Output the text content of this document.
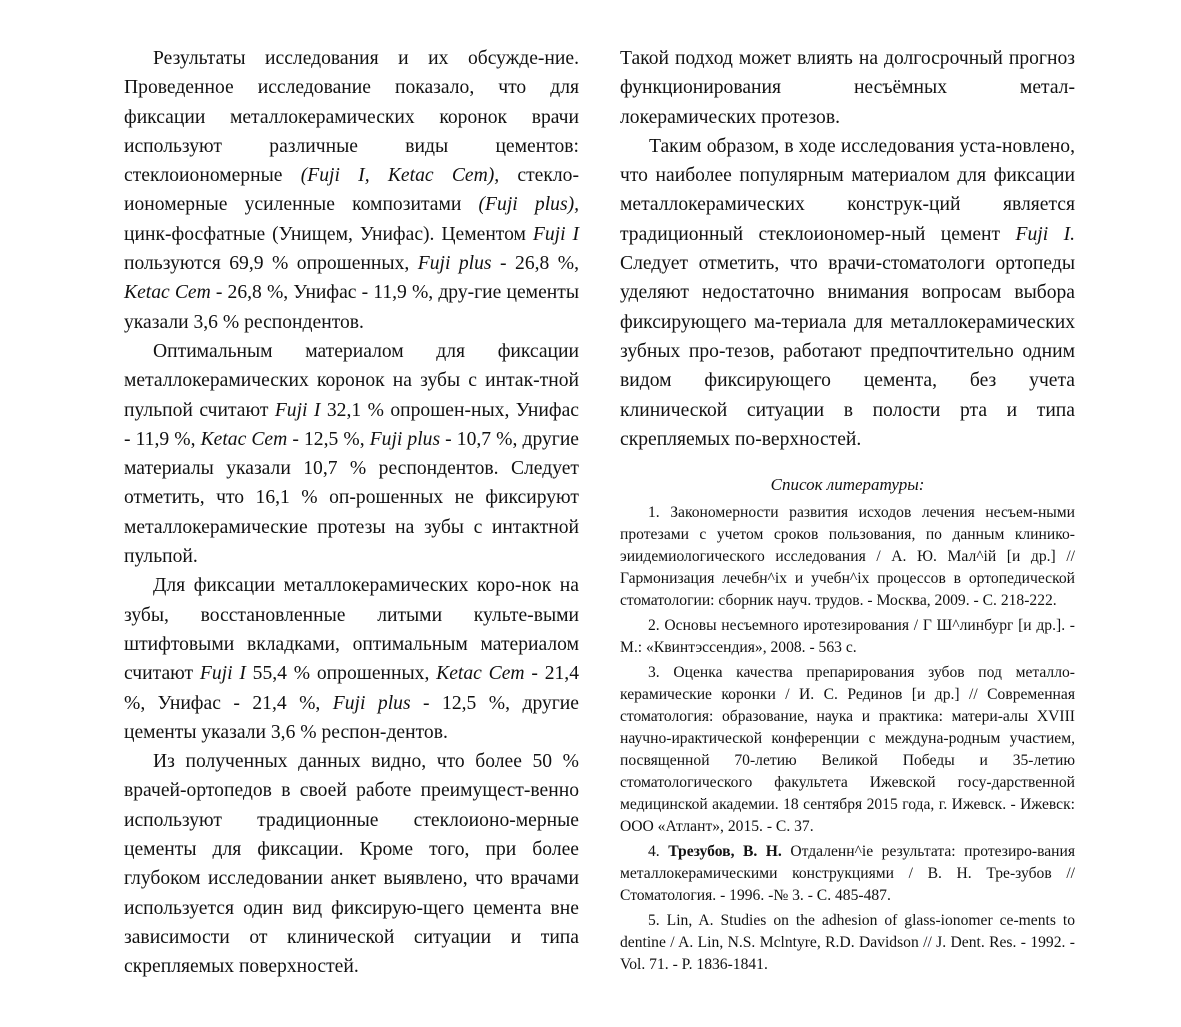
Результаты исследования и их обсужде-ние. Проведенное исследование показало, что для фиксации металлокерамических коронок врачи используют различные виды цементов: стеклоиономерные (Fuji I, Ketac Cem), стекло-иономерные усиленные композитами (Fuji plus), цинк-фосфатные (Унищем, Унифас). Цементом Fuji I пользуются 69,9 % опрошенных, Fuji plus - 26,8 %, Ketac Cem - 26,8 %, Унифас - 11,9 %, дру-гие цементы указали 3,6 % респондентов.

Оптимальным материалом для фиксации металлокерамических коронок на зубы с интак-тной пульпой считают Fuji I 32,1 % опрошен-ных, Унифас - 11,9 %, Ketac Cem - 12,5 %, Fuji plus - 10,7 %, другие материалы указали 10,7 % респондентов. Следует отметить, что 16,1 % оп-рошенных не фиксируют металлокерамические протезы на зубы с интактной пульпой.

Для фиксации металлокерамических коро-нок на зубы, восстановленные литыми культе-выми штифтовыми вкладками, оптимальным материалом считают Fuji I 55,4 % опрошенных, Ketac Cem - 21,4 %, Унифас - 21,4 %, Fuji plus - 12,5 %, другие цементы указали 3,6 % респон-дентов.

Из полученных данных видно, что более 50 % врачей-ортопедов в своей работе преимущест-венно используют традиционные стеклоионо-мерные цементы для фиксации. Кроме того, при более глубоком исследовании анкет выявлено, что врачами используется один вид фиксирую-щего цемента вне зависимости от клинической ситуации и типа скрепляемых поверхностей.

Такой подход может влиять на долгосрочный прогноз функционирования несъёмных метал-локерамических протезов.

Таким образом, в ходе исследования уста-новлено, что наиболее популярным материалом для фиксации металлокерамических конструк-ций является традиционный стеклоиономер-ный цемент Fuji I. Следует отметить, что врачи-стоматологи ортопеды уделяют недостаточно внимания вопросам выбора фиксирующего ма-териала для металлокерамических зубных про-тезов, работают предпочтительно одним видом фиксирующего цемента, без учета клинической ситуации в полости рта и типа скрепляемых по-верхностей.

Список литературы:

1. Закономерности развития исходов лечения несъем-ными протезами с учетом сроков пользования, по данным клинико-эиидемиологического исследования / А. Ю. Мал^ій [и др.] // Гармонизация лечебн^іх и учебн^іх процессов в ортопедической стоматологии: сборник науч. трудов. - Москва, 2009. - С. 218-222.

2. Основы несъемного иротезирования / Г Ш^линбург [и др.]. - М.: «Квинтэссендия», 2008. - 563 с.

3. Оценка качества препарирования зубов под металло-керамические коронки / И. С. Рединов [и др.] // Современная стоматология: образование, наука и практика: матери-алы XVIII научно-ирактической конференции с междуна-родным участием, посвященной 70-летию Великой Победы и 35-летию стоматологического факультета Ижевской госу-дарственной медицинской академии. 18 сентября 2015 года, г. Ижевск. - Ижевск: ООО «Атлант», 2015. - С. 37.

4. Трезубов, В. Н. Отдаленн^іе результата: протезиро-вания металлокерамическими конструкциями / В. Н. Тре-зубов // Стоматология. - 1996. -№ 3. - С. 485-487.

5. Lin, A. Studies on the adhesion of glass-ionomer ce-ments to dentine / A. Lin, N.S. Mclntyre, R.D. Davidson // J. Dent. Res. - 1992. - Vol. 71. - P. 1836-1841.
